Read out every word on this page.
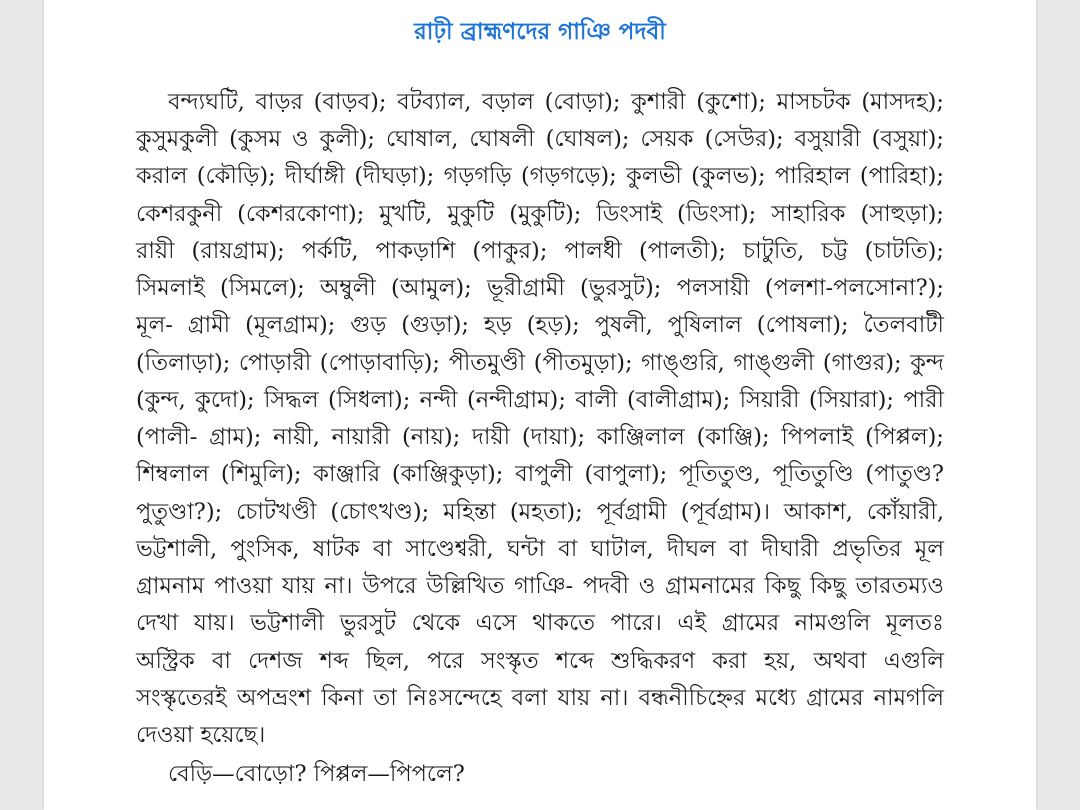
রাঢ়ী ব্রাহ্মণদের গাঞি পদবী
বন্দ্যঘটি, বাড়র (বাড়ব); বটব্যাল, বড়াল (বোড়া); কুশারী (কুশো); মাসচটক (মাসদহ);
কুসুমকুলী (কুসম ও কুলী); ঘোষাল, ঘোষলী (ঘোষল); সেয়ক (সেউর); বসুয়ারী (বসুয়া);
করাল (কৌড়ি); দীর্ঘাঙ্গী (দীঘড়া); গড়গড়ি (গড়গড়ে); কুলভী (কুলভ); পারিহাল (পারিহা);
কেশরকুনী (কেশরকোণা); মুখটি, মুকুটি (মুকুটি); ডিংসাই (ডিংসা); সাহারিক (সাহুড়া);
রায়ী (রায়গ্রাম); পর্কটি, পাকড়াশি (পাকুর); পালধী (পালতী); চাটুতি, চট্ট (চাটতি);
সিমলাই (সিমলে); অম্বুলী (আমুল); ভূরীগ্রামী (ভুরসুট); পলসায়ী (পলশা-পলসোনা?);
মূল- গ্রামী (মূলগ্রাম); গুড় (গুড়া); হড় (হড়); পুষলী, পুষিলাল (পোষলা); তৈলবাটী
(তিলাড়া); পোড়ারী (পোড়াবাড়ি); পীতমুণ্ডী (পীতমুড়া); গাঙ্গুরি, গাঙ্গুলী (গাগুর); কুন্দ
(কুন্দ, কুদো); সিদ্ধল (সিধলা); নন্দী (নন্দীগ্রাম); বালী (বালীগ্রাম); সিয়ারী (সিয়ারা); পারী
(পালী- গ্রাম); নায়ী, নায়ারী (নায়); দায়ী (দায়া); কাঞ্জিলাল (কাঞ্জি); পিপলাই (পিপ্পল);
শিম্বলাল (শিমুলি); কাঞ্জারি (কাঞ্জিকুড়া); বাপুলী (বাপুলা); পূতিতুণ্ড, পূতিতুণ্ডি (পাতুণ্ড?
পুতুণ্ডা?); চোটখণ্ডী (চোৎখণ্ড); মহিন্তা (মহতা); পূর্বগ্রামী (পূর্বগ্রাম)। আকাশ, কোঁয়ারী,
ভট্টশালী, পুংসিক, ষাটক বা সাণ্ডেশ্বরী, ঘন্টা বা ঘাটাল, দীঘল বা দীঘারী প্রভৃতির মূল
গ্রামনাম পাওয়া যায় না। উপরে উল্লিখিত গাঞি- পদবী ও গ্রামনামের কিছু কিছু তারতম্যও
দেখা যায়। ভট্টশালী ভুরসুট থেকে এসে থাকতে পারে। এই গ্রামের নামগুলি মূলতঃ
অস্ট্রিক বা দেশজ শব্দ ছিল, পরে সংস্কৃত শব্দে শুদ্ধিকরণ করা হয়, অথবা এগুলি
সংস্কৃতেরই অপভ্রংশ কিনা তা নিঃসন্দেহে বলা যায় না। বন্ধনীচিহ্নের মধ্যে গ্রামের নামগলি
দেওয়া হয়েছে।
বেড়ি—বোড়ো? পিপ্পল—পিপলে?
